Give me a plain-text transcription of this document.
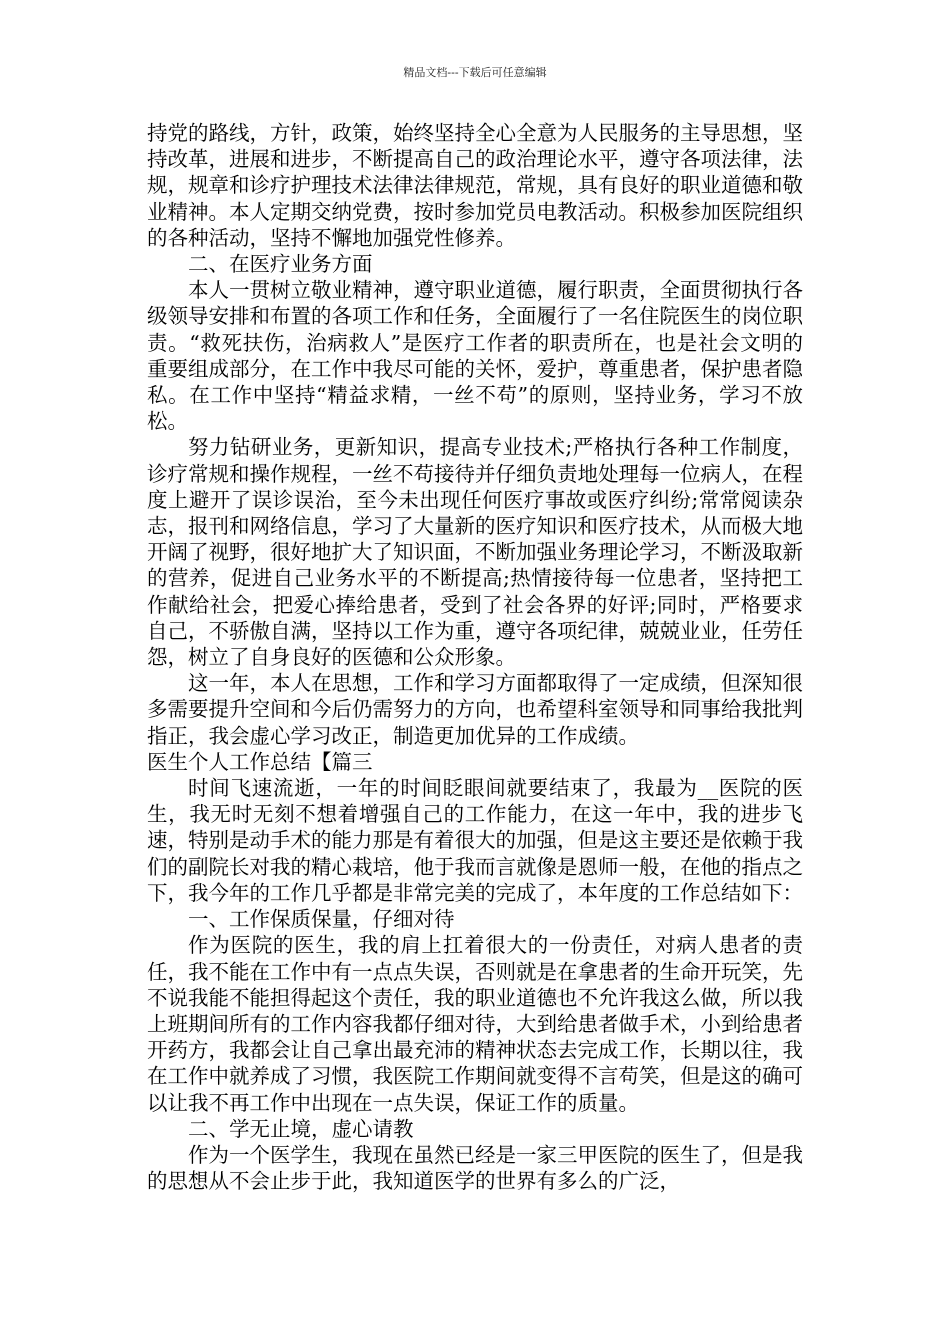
精品文档---下载后可任意编辑

持党的路线，方针，政策，始终坚持全心全意为人民服务的主导思想，坚持改革，进展和进步，不断提高自己的政治理论水平，遵守各项法律，法规，规章和诊疗护理技术法律法律规范，常规，具有良好的职业道德和敬业精神。本人定期交纳党费，按时参加党员电教活动。积极参加医院组织的各种活动，坚持不懈地加强党性修养。

二、在医疗业务方面

本人一贯树立敬业精神，遵守职业道德，履行职责，全面贯彻执行各级领导安排和布置的各项工作和任务，全面履行了一名住院医生的岗位职责。“救死扶伤，治病救人”是医疗工作者的职责所在，也是社会文明的重要组成部分，在工作中我尽可能的关怀，爱护，尊重患者，保护患者隐私。在工作中坚持“精益求精，一丝不苟”的原则，坚持业务，学习不放松。

努力钻研业务，更新知识，提高专业技术;严格执行各种工作制度，诊疗常规和操作规程，一丝不苟接待并仔细负责地处理每一位病人，在程度上避开了误诊误治，至今未出现任何医疗事故或医疗纠纷;常常阅读杂志，报刊和网络信息，学习了大量新的医疗知识和医疗技术，从而极大地开阔了视野，很好地扩大了知识面，不断加强业务理论学习，不断汲取新的营养，促进自己业务水平的不断提高;热情接待每一位患者，坚持把工作献给社会，把爱心捧给患者，受到了社会各界的好评;同时，严格要求自己，不骄傲自满，坚持以工作为重，遵守各项纪律，兢兢业业，任劳任怨，树立了自身良好的医德和公众形象。

这一年，本人在思想，工作和学习方面都取得了一定成绩，但深知很多需要提升空间和今后仍需努力的方向，也希望科室领导和同事给我批判指正，我会虚心学习改正，制造更加优异的工作成绩。

医生个人工作总结【篇三

时间飞速流逝，一年的时间眨眼间就要结束了，我最为__医院的医生，我无时无刻不想着增强自己的工作能力，在这一年中，我的进步飞速，特别是动手术的能力那是有着很大的加强，但是这主要还是依赖于我们的副院长对我的精心栽培，他于我而言就像是恩师一般，在他的指点之下，我今年的工作几乎都是非常完美的完成了，本年度的工作总结如下：

一、工作保质保量，仔细对待

作为医院的医生，我的肩上扛着很大的一份责任，对病人患者的责任，我不能在工作中有一点点失误，否则就是在拿患者的生命开玩笑，先不说我能不能担得起这个责任，我的职业道德也不允许我这么做，所以我上班期间所有的工作内容我都仔细对待，大到给患者做手术，小到给患者开药方，我都会让自己拿出最充沛的精神状态去完成工作，长期以往，我在工作中就养成了习惯，我医院工作期间就变得不言苟笑，但是这的确可以让我不再工作中出现在一点失误，保证工作的质量。

二、学无止境，虚心请教

作为一个医学生，我现在虽然已经是一家三甲医院的医生了，但是我的思想从不会止步于此，我知道医学的世界有多么的广泛，
